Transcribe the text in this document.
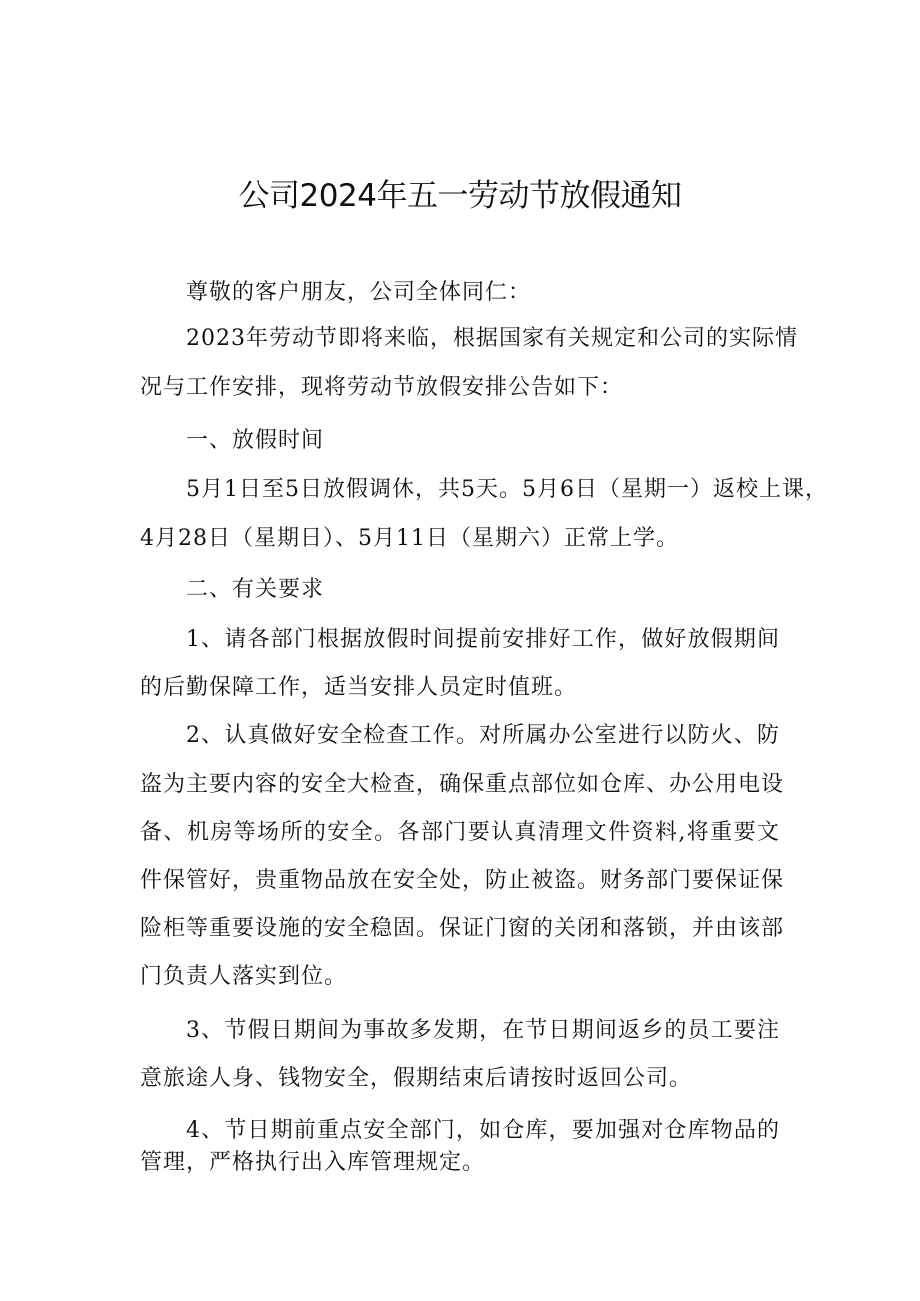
公司2024年五一劳动节放假通知
尊敬的客户朋友，公司全体同仁：
2023年劳动节即将来临，根据国家有关规定和公司的实际情
况与工作安排，现将劳动节放假安排公告如下：
一、放假时间
5月1日至5日放假调休，共5天。5月6日（星期一）返校上课，
4月28日（星期日）、5月11日（星期六）正常上学。
二、有关要求
1、请各部门根据放假时间提前安排好工作，做好放假期间
的后勤保障工作，适当安排人员定时值班。
2、认真做好安全检查工作。对所属办公室进行以防火、防
盗为主要内容的安全大检查，确保重点部位如仓库、办公用电设
备、机房等场所的安全。各部门要认真清理文件资料,将重要文
件保管好，贵重物品放在安全处，防止被盗。财务部门要保证保
险柜等重要设施的安全稳固。保证门窗的关闭和落锁，并由该部
门负责人落实到位。
3、节假日期间为事故多发期，在节日期间返乡的员工要注
意旅途人身、钱物安全，假期结束后请按时返回公司。
4、节日期前重点安全部门，如仓库，要加强对仓库物品的
管理，严格执行出入库管理规定。
